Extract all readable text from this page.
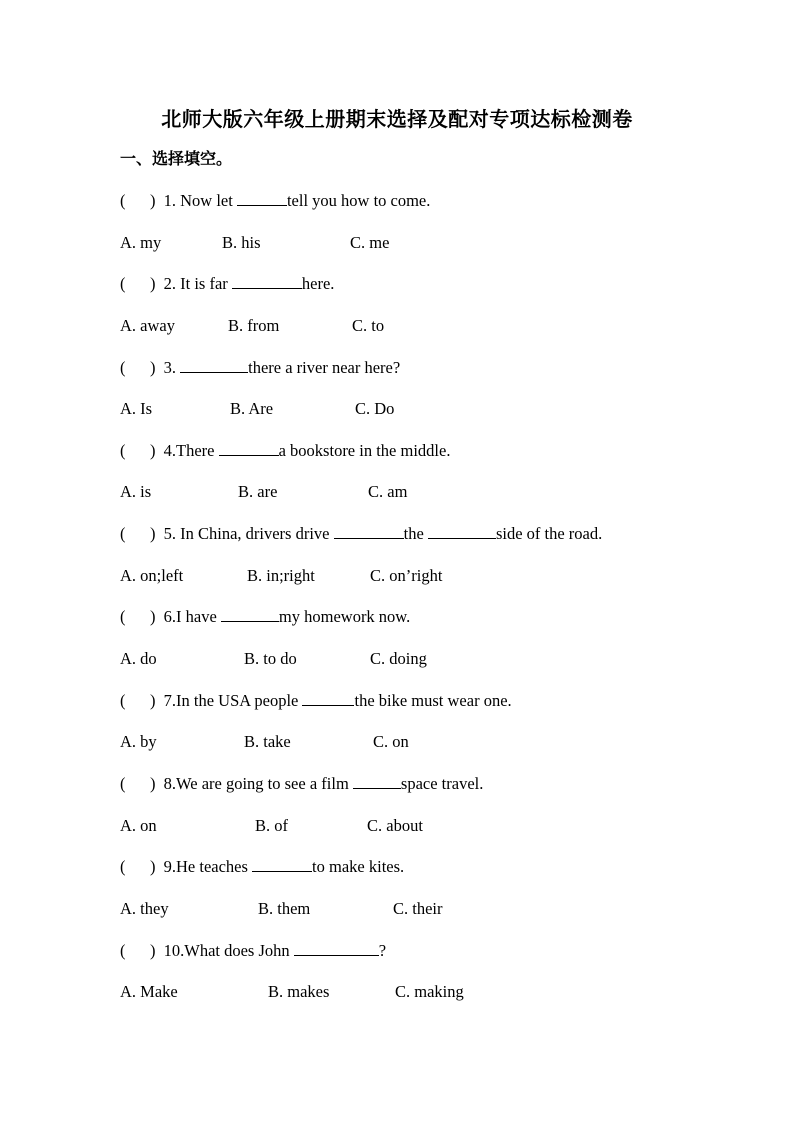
北师大版六年级上册期末选择及配对专项达标检测卷
一、选择填空。
( ) 1. Now let	tell you how to come.
A. my	B. his	C. me
( ) 2. It is far	here.
A. away	B. from	C. to
( ) 3.	there a river near here?
A. Is	B. Are	C. Do
( ) 4.There	a bookstore in the middle.
A. is	B. are	C. am
( ) 5. In China, drivers drive	the	side of the road.
A. on;left	B. in;right	C. on’right
( ) 6.I have	my homework now.
A. do	B. to do	C. doing
( ) 7.In the USA people	the bike must wear one.
A. by	B. take	C. on
( ) 8.We are going to see a film	space travel.
A. on	B. of	C. about
( ) 9.He teaches	to make kites.
A. they	B. them	C. their
( ) 10.What does John	?
A. Make	B. makes	C. making
